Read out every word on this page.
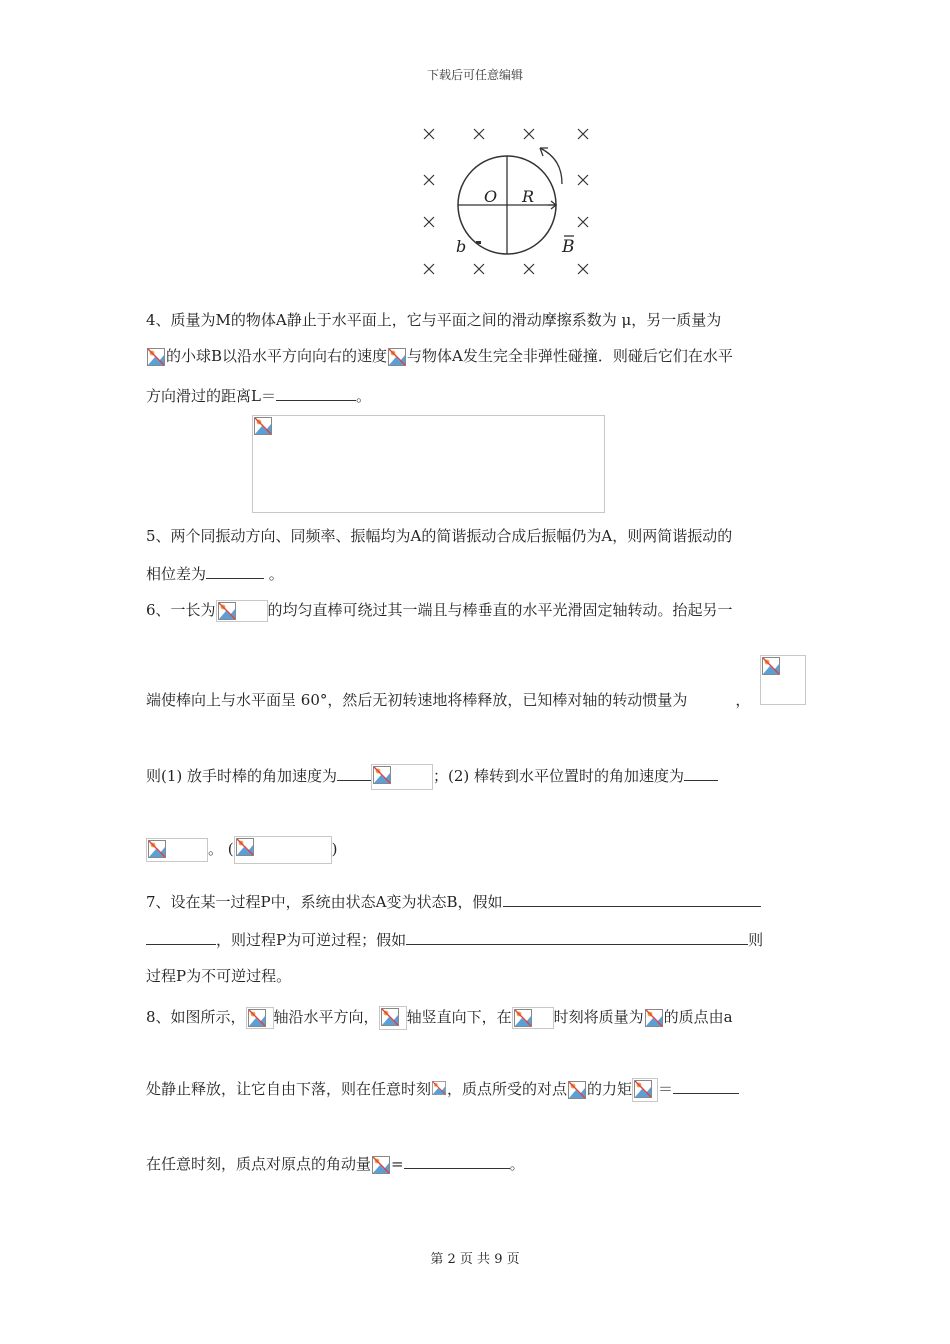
下载后可任意编辑
O R
b	B
4、质量为M的物体A静止于水平面上，它与平面之间的滑动摩擦系数为 μ，另一质量为
的小球B以沿水平方向向右的速度 与物体A发生完全非弹性碰撞．则碰后它们在水平
方向滑过的距离L＝	。
5、两个同振动方向、同频率、振幅均为A的简谐振动合成后振幅仍为A，则两简谐振动的
相位差为	。
6、一长为	的均匀直棒可绕过其一端且与棒垂直的水平光滑固定轴转动。抬起另一
端使棒向上与水平面呈 60°，然后无初转速地将棒释放，已知棒对轴的转动惯量为	，
则(1) 放手时棒的角加速度为	；(2) 棒转到水平位置时的角加速度为
。 (	)
7、设在某一过程P中，系统由状态A变为状态B，假如
，则过程P为可逆过程；假如	则
过程P为不可逆过程。
8、如图所示， 轴沿水平方向， 轴竖直向下，在	时刻将质量为 的质点由a
处静止释放，让它自由下落，则在任意时刻 ，质点所受的对点 的力矩 ＝
在任意时刻，质点对原点的角动量 =	。
第 2 页 共 9 页
